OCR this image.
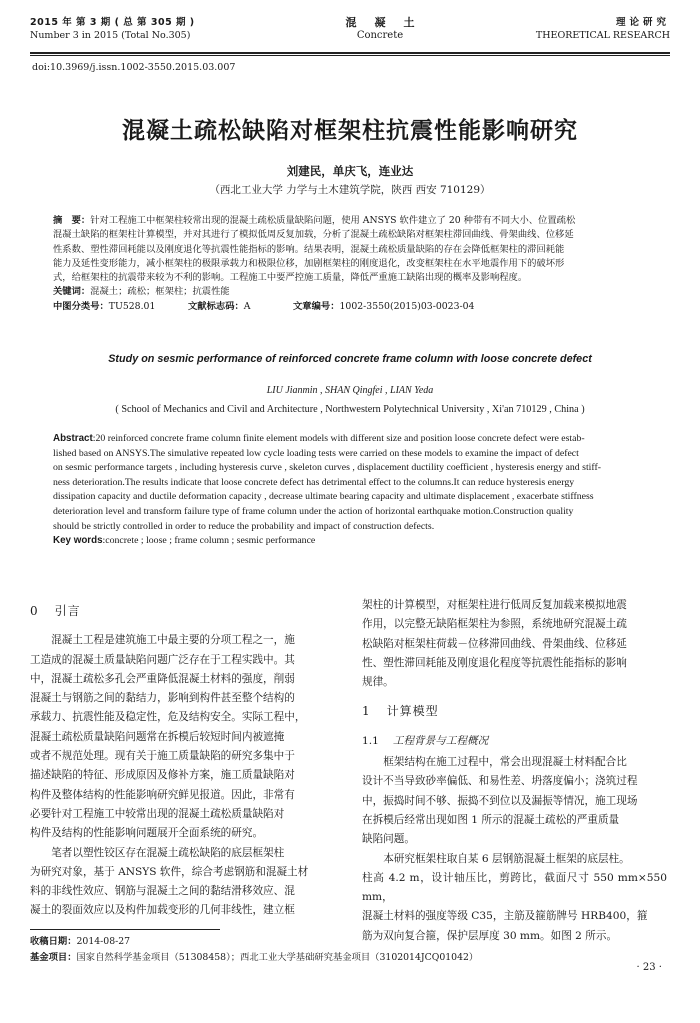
2015 年 第 3 期 ( 总 第 305 期 )
Number 3 in 2015 (Total No.305)
混凝土
Concrete
理论研究
THEORETICAL RESEARCH
doi:10.3969/j.issn.1002-3550.2015.03.007
混凝土疏松缺陷对框架柱抗震性能影响研究
刘建民，单庆飞，连业达
（西北工业大学 力学与土木建筑学院，陕西 西安 710129）
摘　要：针对工程施工中框架柱较常出现的混凝土疏松质量缺陷问题，使用 ANSYS 软件建立了 20 种带有不同大小、位置疏松
混凝土缺陷的框架柱计算模型，并对其进行了模拟低周反复加载，分析了混凝土疏松缺陷对框架柱滞回曲线、骨架曲线、位移延
性系数、塑性滞回耗能以及刚度退化等抗震性能指标的影响。结果表明，混凝土疏松质量缺陷的存在会降低框架柱的滞回耗能
能力及延性变形能力，减小框架柱的极限承载力和极限位移，加剧框架柱的刚度退化，改变框架柱在水平地震作用下的破坏形
式，给框架柱的抗震带来较为不利的影响。工程施工中要严控施工质量，降低严重施工缺陷出现的概率及影响程度。
关键词：混凝土；疏松；框架柱；抗震性能
中图分类号：TU528.01	文献标志码：A	文章编号：1002-3550(2015)03-0023-04
Study on sesmic performance of reinforced concrete frame column with loose concrete defect
LIU Jianmin , SHAN Qingfei , LIAN Yeda
( School of Mechanics and Civil and Architecture , Northwestern Polytechnical University , Xi'an 710129 , China )
Abstract:20 reinforced concrete frame column finite element models with different size and position loose concrete defect were estab-
lished based on ANSYS.The simulative repeated low cycle loading tests were carried on these models to examine the impact of defect
on sesmic performance targets , including hysteresis curve , skeleton curves , displacement ductility coefficient , hysteresis energy and stiff-
ness deterioration.The results indicate that loose concrete defect has detrimental effect to the columns.It can reduce hysteresis energy
dissipation capacity and ductile deformation capacity , decrease ultimate bearing capacity and ultimate displacement , exacerbate stiffness
deterioration level and transform failure type of frame column under the action of horizontal earthquake motion.Construction quality
should be strictly controlled in order to reduce the probability and impact of construction defects.
Key words:concrete ; loose ; frame column ; sesmic performance
0 引言

混凝土工程是建筑施工中最主要的分项工程之一，施
工造成的混凝土质量缺陷问题广泛存在于工程实践中。其
中，混凝土疏松多孔会严重降低混凝土材料的强度，削弱
混凝土与钢筋之间的黏结力，影响到构件甚至整个结构的
承载力、抗震性能及稳定性，危及结构安全。实际工程中，
混凝土疏松质量缺陷问题常在拆模后较短时间内被遮掩
或者不规范处理。现有关于施工质量缺陷的研究多集中于
描述缺陷的特征、形成原因及修补方案，施工质量缺陷对
构件及整体结构的性能影响研究鲜见报道。因此，非常有
必要针对工程施工中较常出现的混凝土疏松质量缺陷对
构件及结构的性能影响问题展开全面系统的研究。

笔者以塑性铰区存在混凝土疏松缺陷的底层框架柱
为研究对象，基于 ANSYS 软件，综合考虑钢筋和混凝土材
料的非线性效应、钢筋与混凝土之间的黏结滑移效应、混
凝土的裂面效应以及构件加载变形的几何非线性，建立框

架柱的计算模型，对框架柱进行低周反复加载来模拟地震
作用，以完整无缺陷框架柱为参照，系统地研究混凝土疏
松缺陷对框架柱荷载－位移滞回曲线、骨架曲线、位移延
性、塑性滞回耗能及刚度退化程度等抗震性能指标的影响
规律。

1 计算模型
1.1 工程背景与工程概况

框架结构在施工过程中，常会出现混凝土材料配合比
设计不当导致砂率偏低、和易性差、坍落度偏小；浇筑过程
中，振捣时间不够、振捣不到位以及漏振等情况，施工现场
在拆模后经常出现如图 1 所示的混凝土疏松的严重质量
缺陷问题。

本研究框架柱取自某 6 层钢筋混凝土框架的底层柱。
柱高 4.2 m，设计轴压比，剪跨比，截面尺寸 550 mm×550 mm，
混凝土材料的强度等级 C35，主筋及箍筋牌号 HRB400，箍
筋为双向复合箍，保护层厚度 30 mm。如图 2 所示。

收稿日期：2014-08-27
基金项目：国家自然科学基金项目（51308458）；西北工业大学基础研究基金项目（3102014JCQ01042）
· 23 ·
